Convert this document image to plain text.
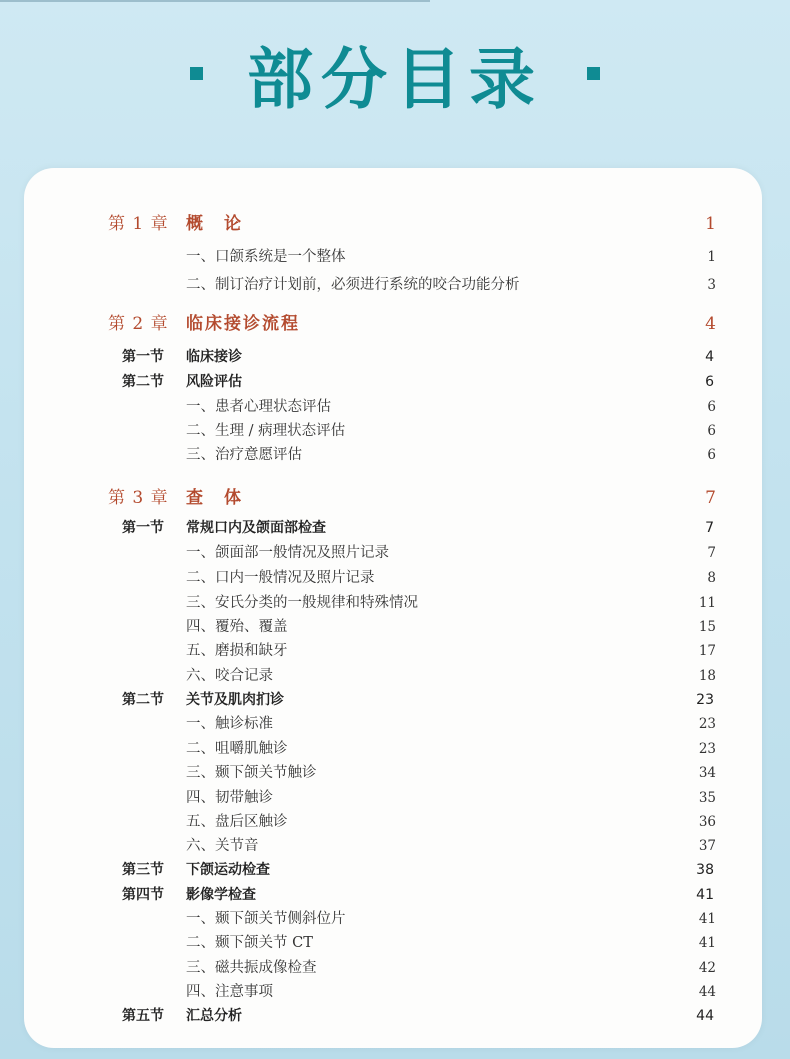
部分目录
第 1 章 概　论	1
一、口颌系统是一个整体	1
二、制订治疗计划前，必须进行系统的咬合功能分析	3
第 2 章 临床接诊流程	4
第一节 临床接诊	4
第二节 风险评估	6
一、患者心理状态评估	6
二、生理 / 病理状态评估	6
三、治疗意愿评估	6
第 3 章 查　体	7
第一节 常规口内及颌面部检查	7
一、颌面部一般情况及照片记录	7
二、口内一般情况及照片记录	8
三、安氏分类的一般规律和特殊情况	11
四、覆殆、覆盖	15
五、磨损和缺牙	17
六、咬合记录	18
第二节 关节及肌肉扪诊	23
一、触诊标准	23
二、咀嚼肌触诊	23
三、颞下颌关节触诊	34
四、韧带触诊	35
五、盘后区触诊	36
六、关节音	37
第三节 下颌运动检查	38
第四节 影像学检查	41
一、颞下颌关节侧斜位片	41
二、颞下颌关节 CT	41
三、磁共振成像检查	42
四、注意事项	44
第五节 汇总分析	44
